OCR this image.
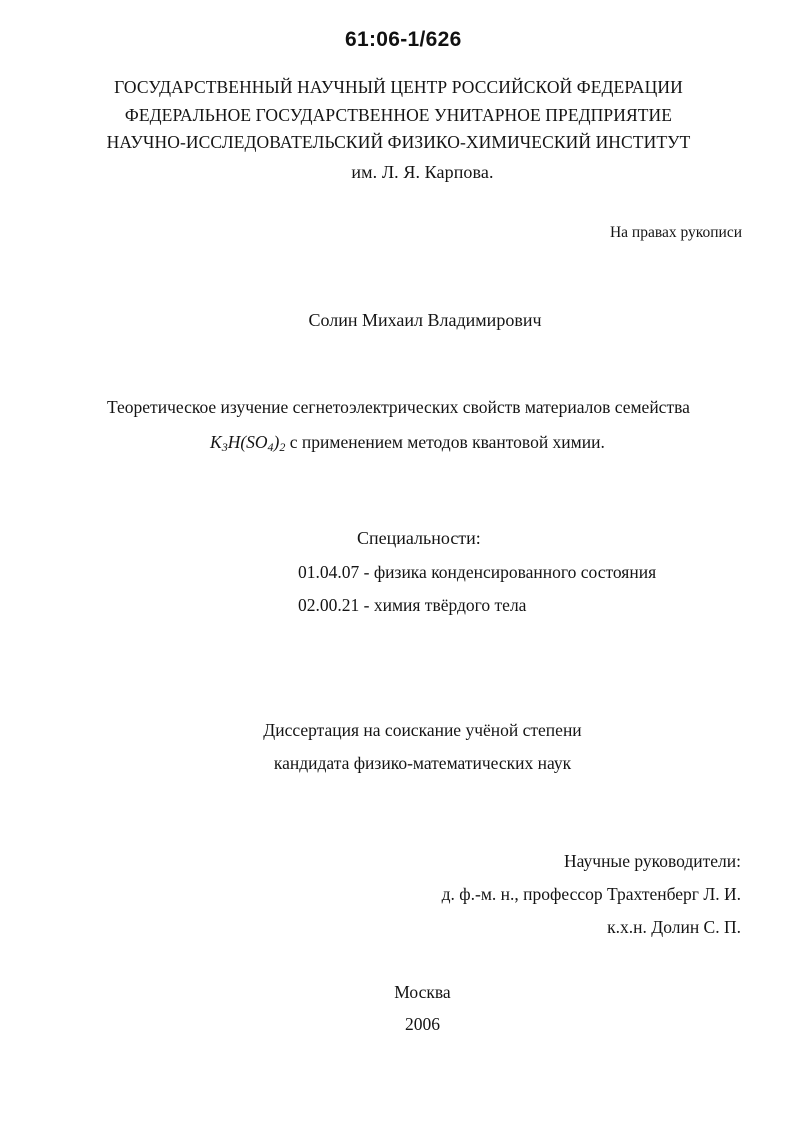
61:06-1/626
ГОСУДАРСТВЕННЫЙ НАУЧНЫЙ ЦЕНТР РОССИЙСКОЙ ФЕДЕРАЦИИ
ФЕДЕРАЛЬНОЕ ГОСУДАРСТВЕННОЕ УНИТАРНОЕ ПРЕДПРИЯТИЕ
НАУЧНО-ИССЛЕДОВАТЕЛЬСКИЙ ФИЗИКО-ХИМИЧЕСКИЙ ИНСТИТУТ
им. Л. Я. Карпова.
На правах рукописи
Солин Михаил Владимирович
Теоретическое изучение сегнетоэлектрических свойств материалов семейства
$K_3H(SO_4)_2$ с применением методов квантовой химии.
Специальности:
01.04.07 - физика конденсированного состояния
02.00.21 - химия твёрдого тела
Диссертация на соискание учёной степени
кандидата физико-математических наук
Научные руководители:
д. ф.-м. н., профессор Трахтенберг Л. И.
к.х.н. Долин С. П.
Москва
2006
